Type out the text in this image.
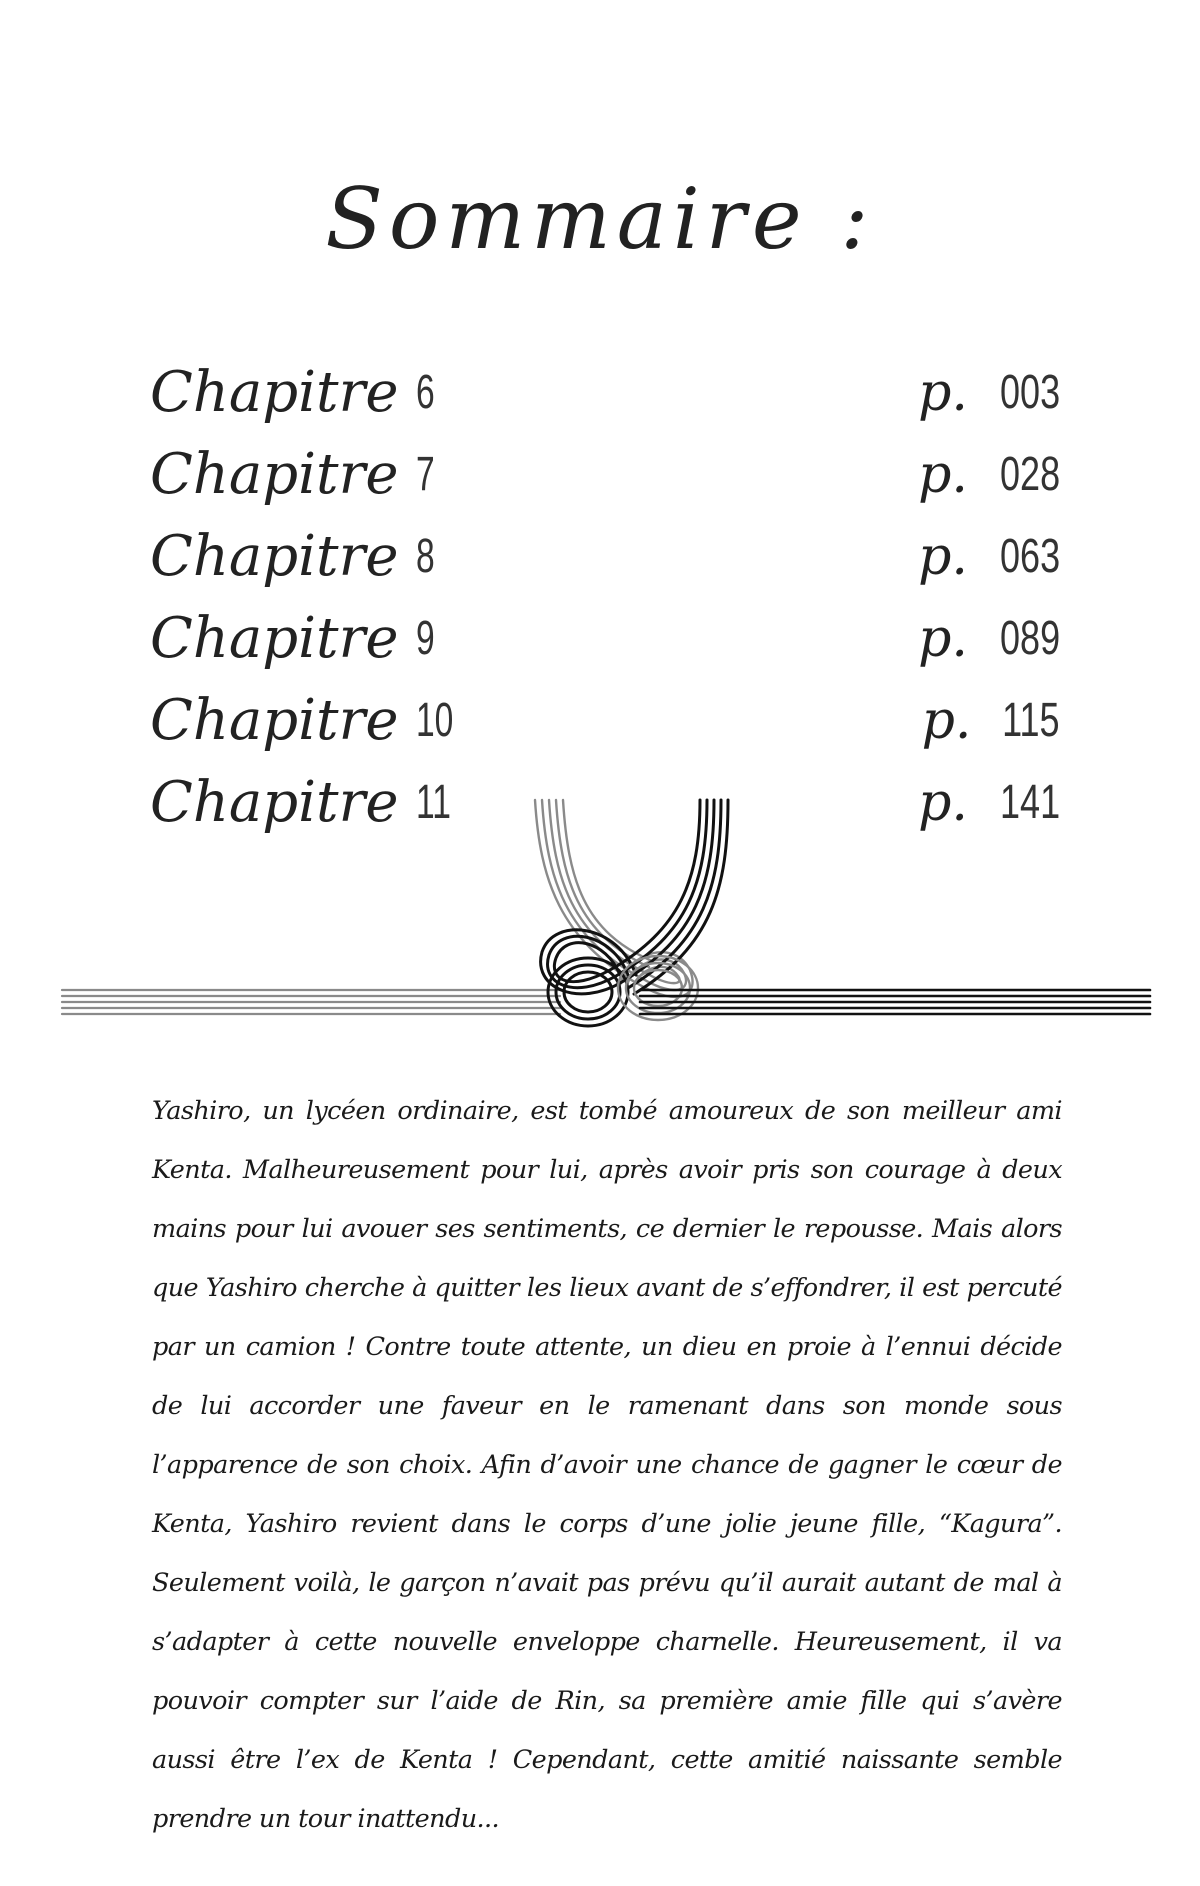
Sommaire :
Chapitre 6	p. 003
Chapitre 7	p. 028
Chapitre 8	p. 063
Chapitre 9	p. 089
Chapitre 10	p. 115
Chapitre 11	p. 141
Yashiro, un lycéen ordinaire, est tombé amoureux de son meilleur ami Kenta. Malheureusement pour lui, après avoir pris son courage à deux mains pour lui avouer ses sentiments, ce dernier le repousse. Mais alors que Yashiro cherche à quitter les lieux avant de s’effondrer, il est percuté par un camion ! Contre toute attente, un dieu en proie à l’ennui décide de lui accorder une faveur en le ramenant dans son monde sous l’apparence de son choix. Afin d’avoir une chance de gagner le cœur de Kenta, Yashiro revient dans le corps d’une jolie jeune fille, “Kagura”. Seulement voilà, le garçon n’avait pas prévu qu’il aurait autant de mal à s’adapter à cette nouvelle enveloppe charnelle. Heureusement, il va pouvoir compter sur l’aide de Rin, sa première amie fille qui s’avère aussi être l’ex de Kenta ! Cependant, cette amitié naissante semble prendre un tour inattendu...
